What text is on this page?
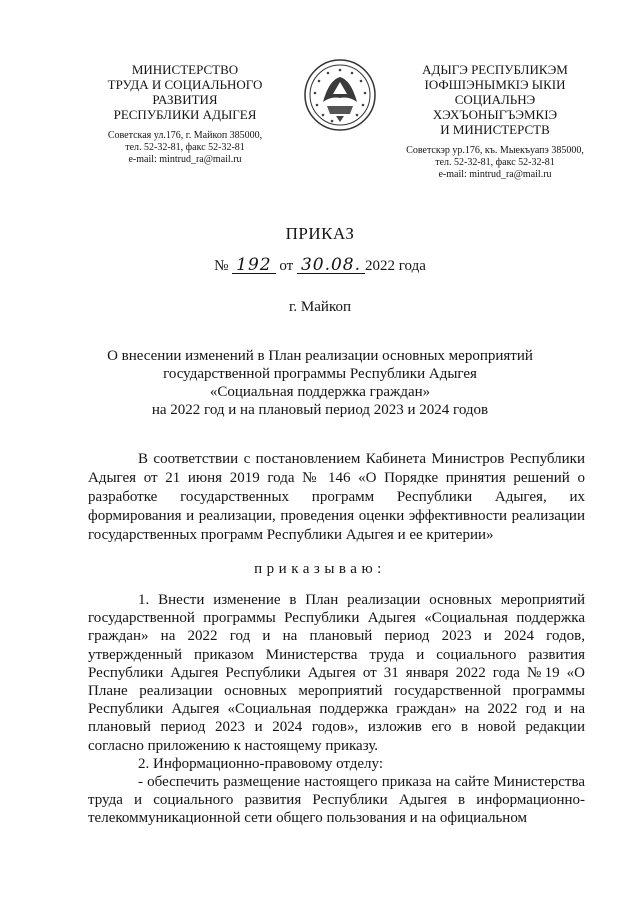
МИНИСТЕРСТВО
ТРУДА И СОЦИАЛЬНОГО
РАЗВИТИЯ
РЕСПУБЛИКИ АДЫГЕЯ
Советская ул.176, г. Майкоп 385000,
тел. 52-32-81, факс 52-32-81
e-mail: mintrud_ra@mail.ru
АДЫГЭ РЕСПУБЛИКЭМ
ІОФШІЭНЫМКІЭ ЫКІИ
СОЦИАЛЬНЭ
ХЭХЪОНЫГЪЭМКІЭ
И МИНИСТЕРСТВ
Советскэр ур.176, къ. Мыекъуапэ 385000,
тел. 52-32-81, факс 52-32-81
e-mail: mintrud_ra@mail.ru
ПРИКАЗ
№ 192 от 30.08. 2022 года
г. Майкоп
О внесении изменений в План реализации основных мероприятий
государственной программы Республики Адыгея
«Социальная поддержка граждан»
на 2022 год и на плановый период 2023 и 2024 годов
В соответствии с постановлением Кабинета Министров Республики Адыгея от 21 июня 2019 года № 146 «О Порядке принятия решений о разработке государственных программ Республики Адыгея, их формирования и реализации, проведения оценки эффективности реализации государственных программ Республики Адыгея и ее критерии»
приказываю:

1. Внести изменение в План реализации основных мероприятий государственной программы Республики Адыгея «Социальная поддержка граждан» на 2022 год и на плановый период 2023 и 2024 годов, утвержденный приказом Министерства труда и социального развития Республики Адыгея Республики Адыгея от 31 января 2022 года №19 «О Плане реализации основных мероприятий государственной программы Республики Адыгея «Социальная поддержка граждан» на 2022 год и на плановый период 2023 и 2024 годов», изложив его в новой редакции согласно приложению к настоящему приказу.

2. Информационно-правовому отделу:

- обеспечить размещение настоящего приказа на сайте Министерства труда и социального развития Республики Адыгея в информационно-телекоммуникационной сети общего пользования и на официальном
